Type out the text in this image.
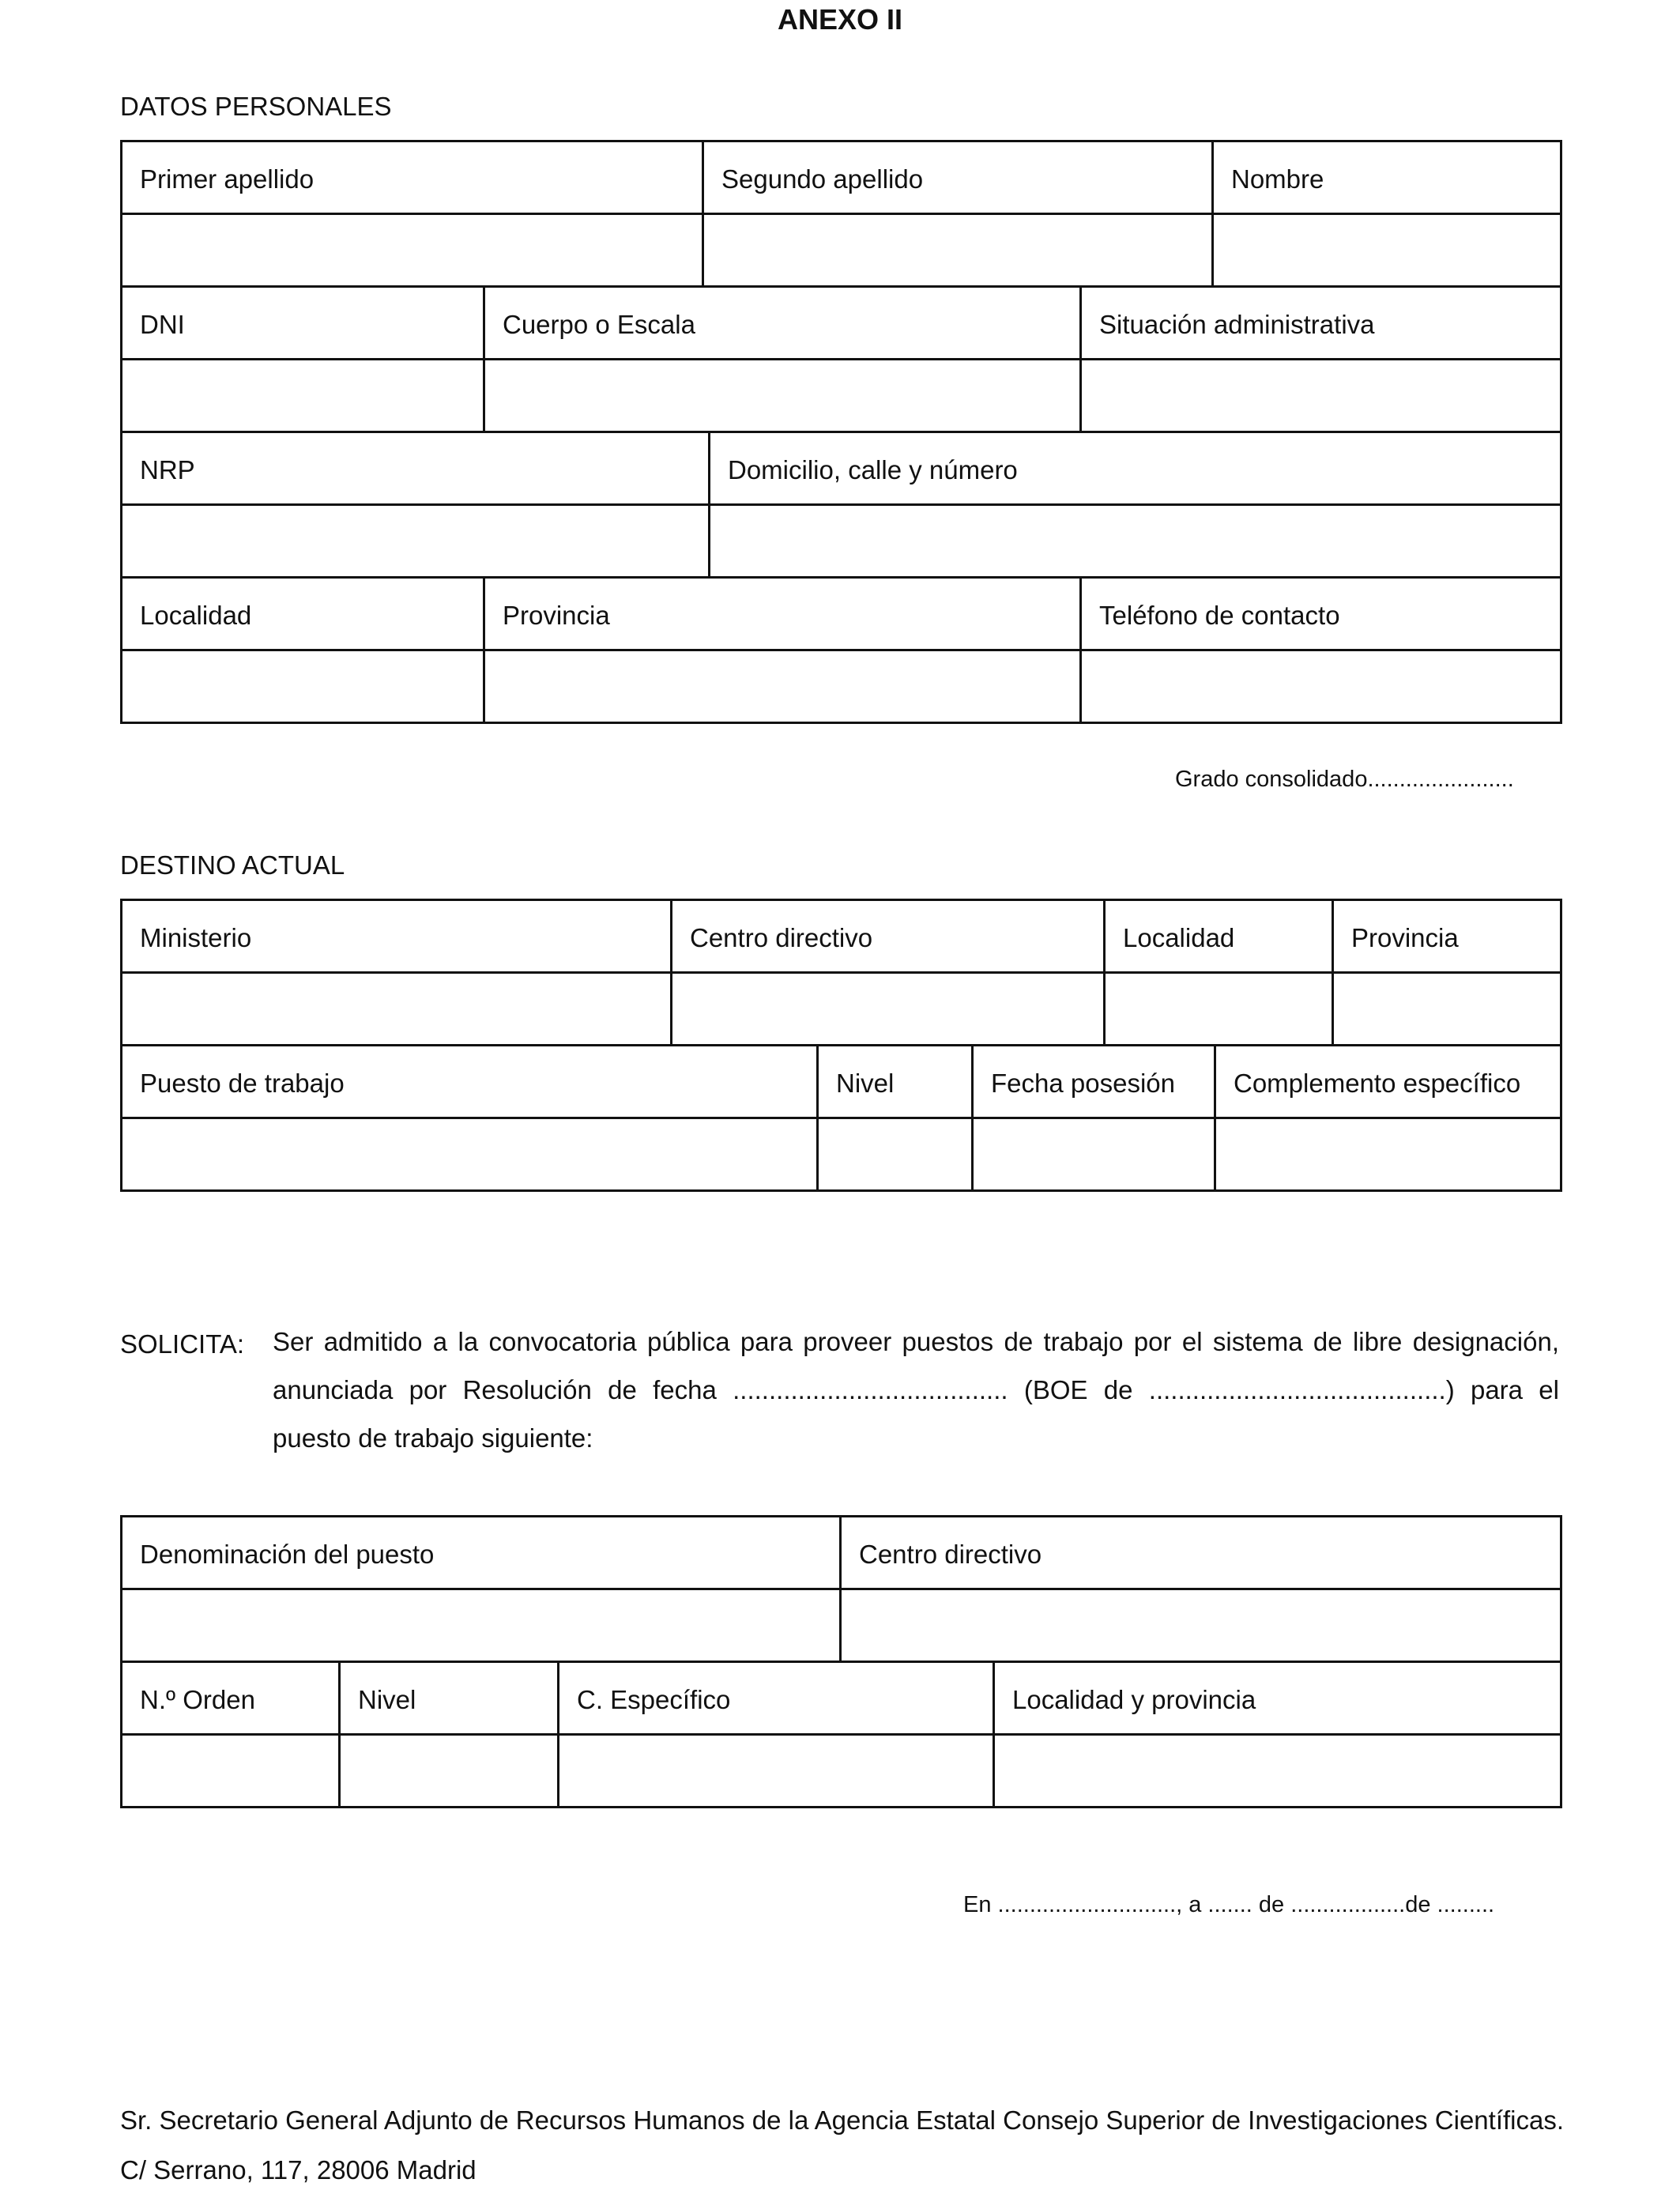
ANEXO II
DATOS PERSONALES
Primer apellido	Segundo apellido	Nombre

DNI	Cuerpo o Escala	Situación administrativa

NRP	Domicilio, calle y número

Localidad	Provincia	Teléfono de contacto

Grado consolidado.......................
DESTINO ACTUAL
Ministerio	Centro directivo	Localidad	Provincia

Puesto de trabajo	Nivel	Fecha posesión	Complemento específico

SOLICITA: Ser admitido a la convocatoria pública para proveer puestos de trabajo por el sistema de libre designación,
anunciada por Resolución de fecha ...................................... (BOE de .........................................) para el
puesto de trabajo siguiente:
Denominación del puesto	Centro directivo

N.º Orden	Nivel	C. Específico	Localidad y provincia

En ............................, a ....... de ..................de .........
Sr. Secretario General Adjunto de Recursos Humanos de la Agencia Estatal Consejo Superior de Investigaciones Científicas.
C/ Serrano, 117, 28006 Madrid
